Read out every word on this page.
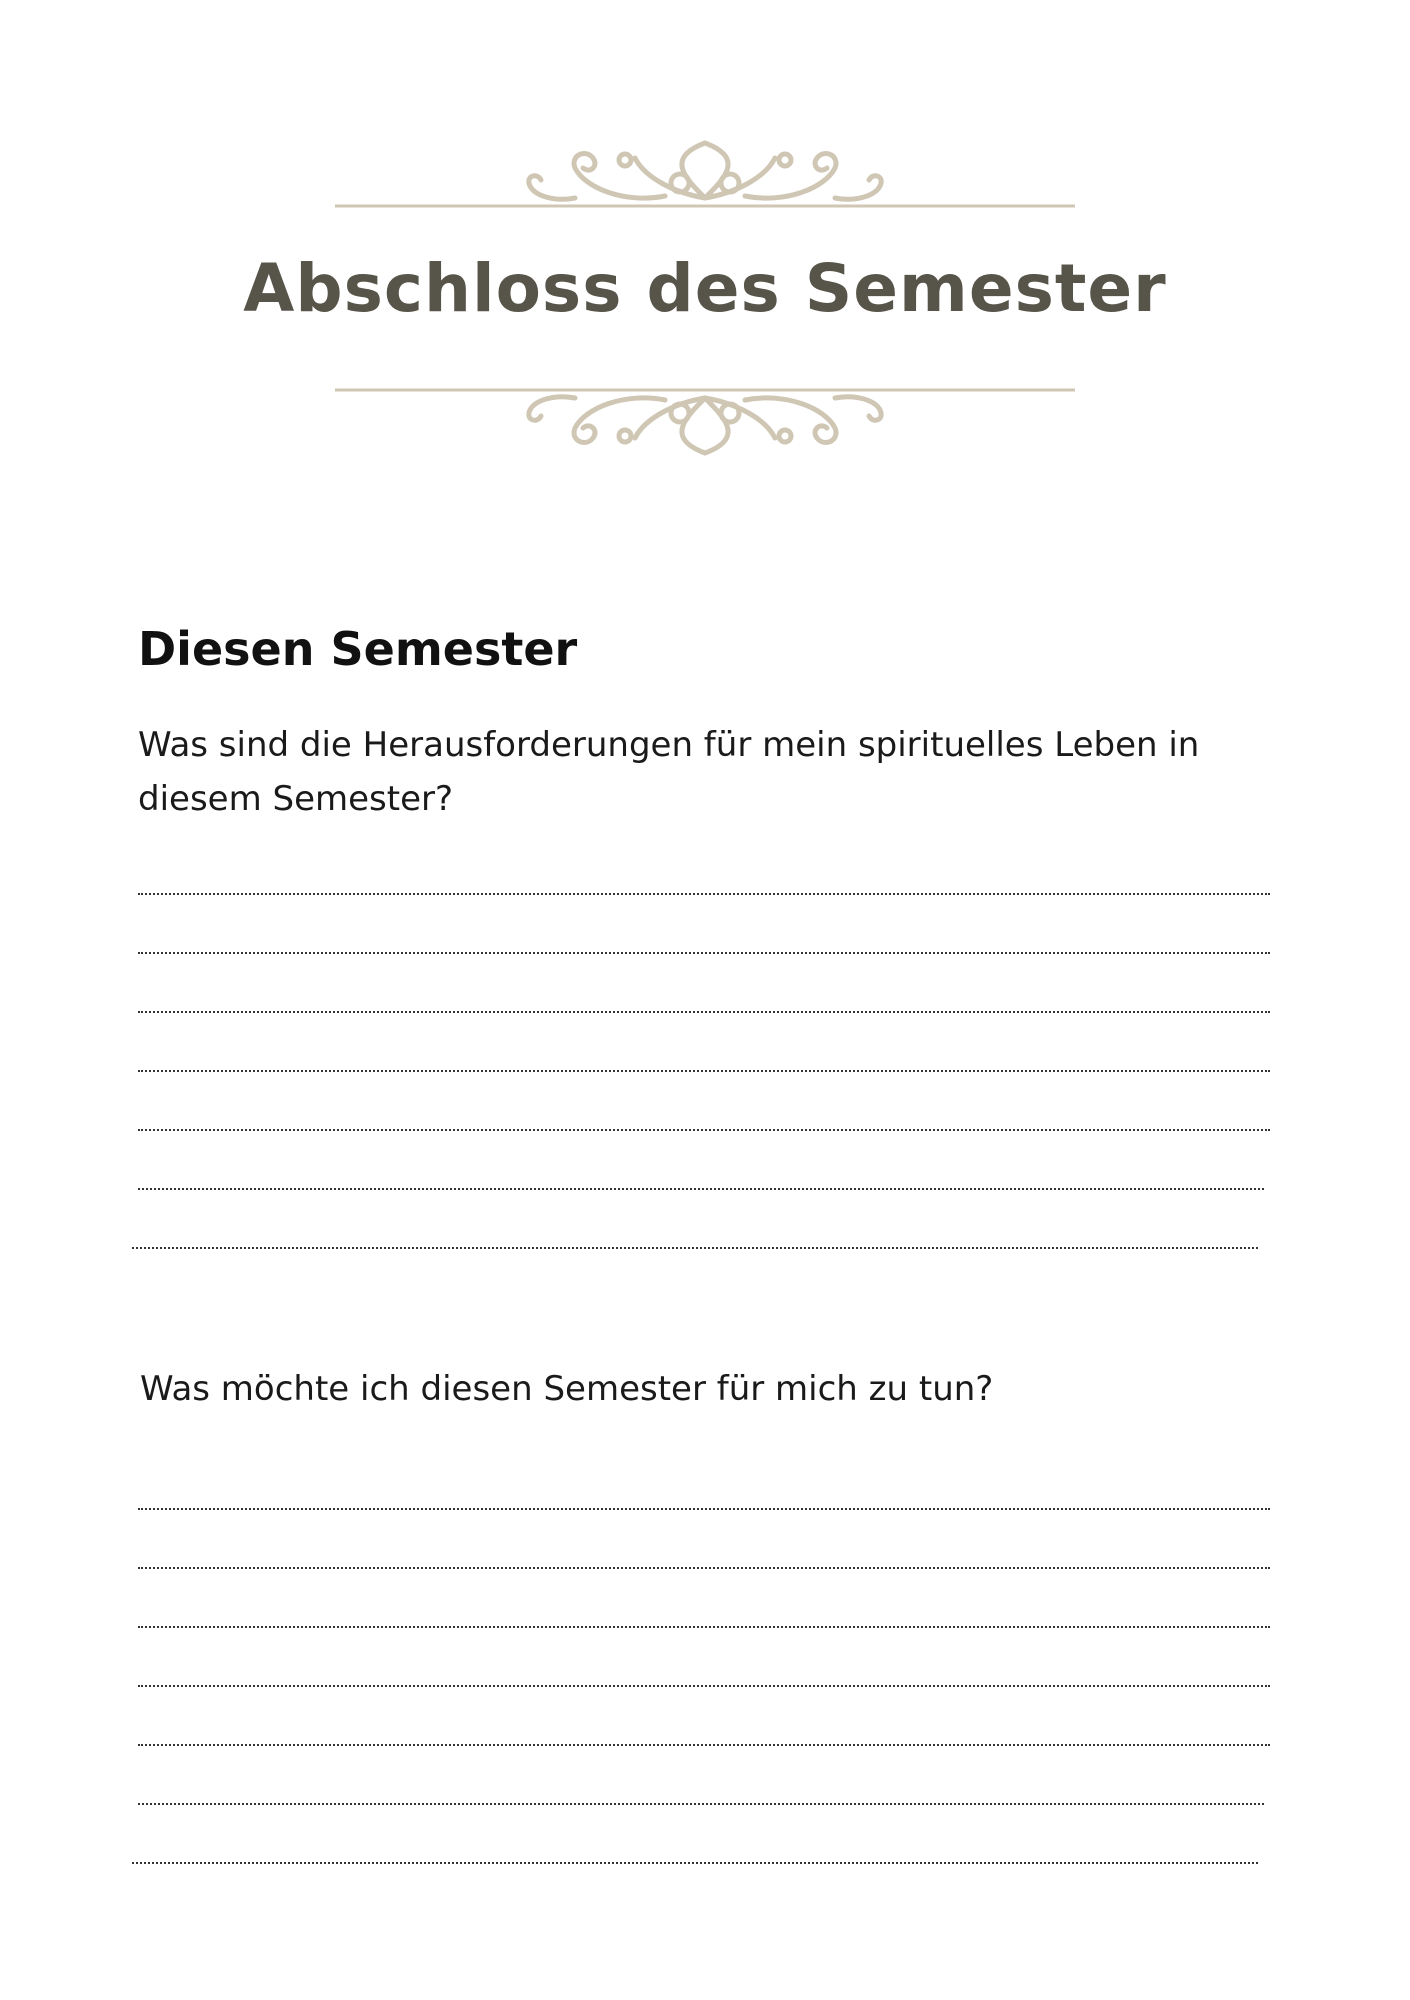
Abschloss des Semester
Diesen Semester

Was sind die Herausforderungen für mein spirituelles Leben in diesem Semester?

Was möchte ich diesen Semester für mich zu tun?
